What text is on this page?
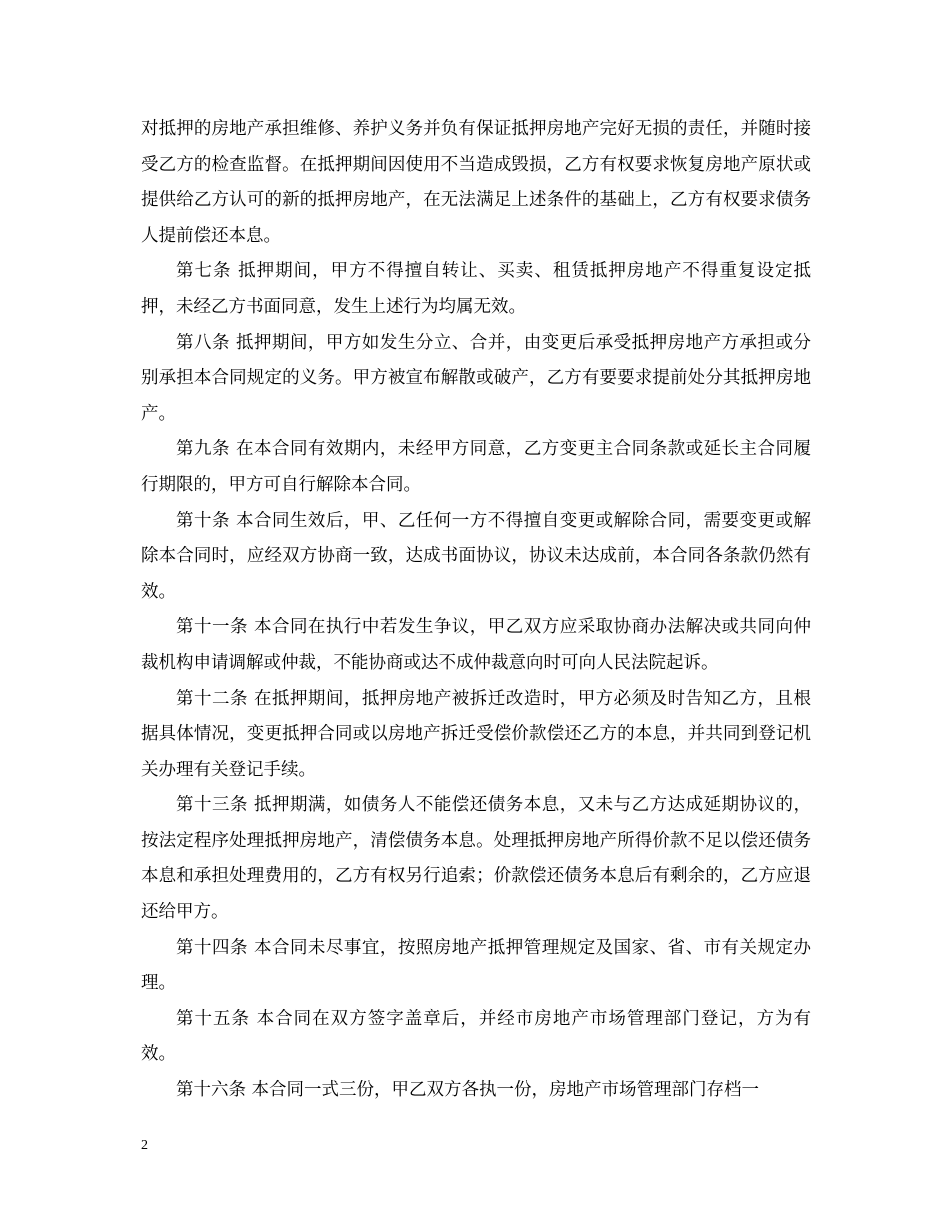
对抵押的房地产承担维修、养护义务并负有保证抵押房地产完好无损的责任，并随时接受乙方的检查监督。在抵押期间因使用不当造成毁损，乙方有权要求恢复房地产原状或提供给乙方认可的新的抵押房地产，在无法满足上述条件的基础上，乙方有权要求债务人提前偿还本息。

第七条 抵押期间，甲方不得擅自转让、买卖、租赁抵押房地产不得重复设定抵押，未经乙方书面同意，发生上述行为均属无效。

第八条 抵押期间，甲方如发生分立、合并，由变更后承受抵押房地产方承担或分别承担本合同规定的义务。甲方被宣布解散或破产，乙方有要要求提前处分其抵押房地产。

第九条 在本合同有效期内，未经甲方同意，乙方变更主合同条款或延长主合同履行期限的，甲方可自行解除本合同。

第十条 本合同生效后，甲、乙任何一方不得擅自变更或解除合同，需要变更或解除本合同时，应经双方协商一致，达成书面协议，协议未达成前，本合同各条款仍然有效。

第十一条 本合同在执行中若发生争议，甲乙双方应采取协商办法解决或共同向仲裁机构申请调解或仲裁，不能协商或达不成仲裁意向时可向人民法院起诉。

第十二条 在抵押期间，抵押房地产被拆迁改造时，甲方必须及时告知乙方，且根据具体情况，变更抵押合同或以房地产拆迁受偿价款偿还乙方的本息，并共同到登记机关办理有关登记手续。

第十三条 抵押期满，如债务人不能偿还债务本息，又未与乙方达成延期协议的，按法定程序处理抵押房地产，清偿债务本息。处理抵押房地产所得价款不足以偿还债务本息和承担处理费用的，乙方有权另行追索；价款偿还债务本息后有剩余的，乙方应退还给甲方。

第十四条 本合同未尽事宜，按照房地产抵押管理规定及国家、省、市有关规定办理。

第十五条 本合同在双方签字盖章后，并经市房地产市场管理部门登记，方为有效。

第十六条 本合同一式三份，甲乙双方各执一份，房地产市场管理部门存档一

2
